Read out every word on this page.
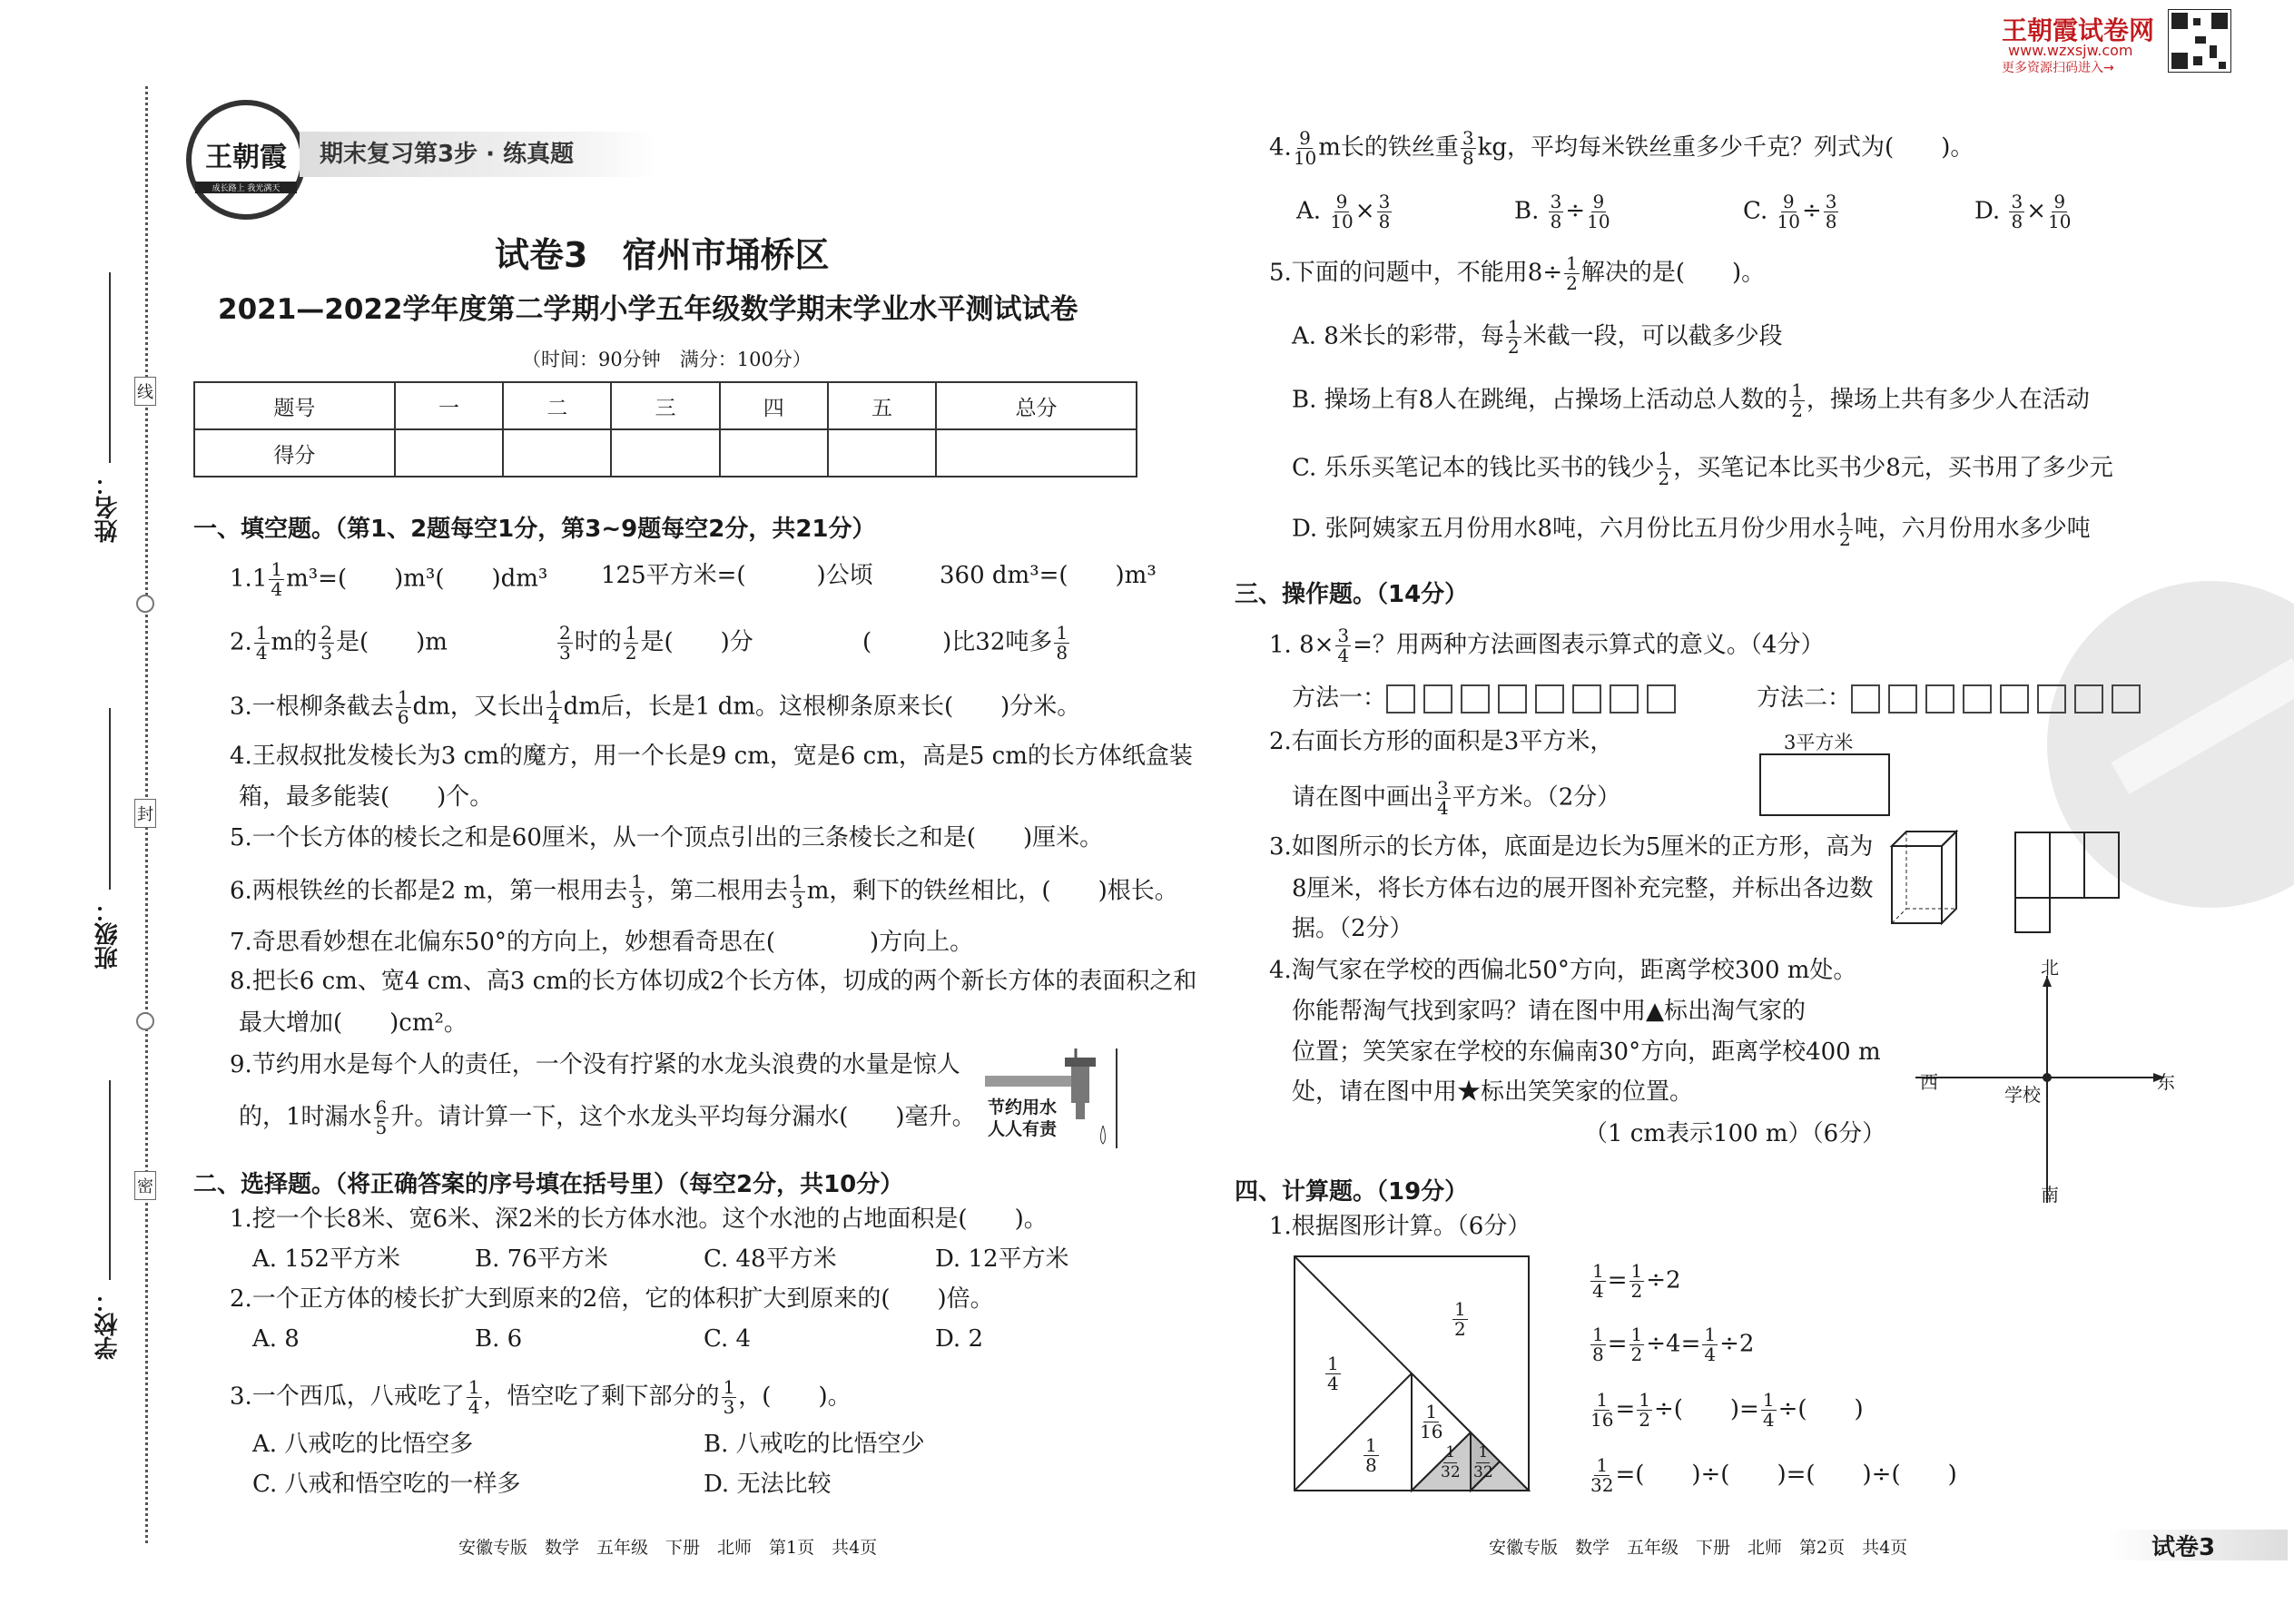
姓名：
班级：
学校：
线
封
密
王朝霞
成长路上 我光满天
期末复习第3步 · 练真题
试卷3　宿州市埇桥区
2021—2022学年度第二学期小学五年级数学期末学业水平测试试卷
（时间：90分钟　满分：100分）
题号	一	二	三	四	五	总分
得分						
一、填空题。（第1、2题每空1分，第3~9题每空2分，共21分）
$1.1 \frac{1}{4} m^3=$(　　)m³(　　)dm³ 125平方米=(　　　)公顷	360 dm³=(　　)m³
2. $\frac{1}{4}$ m的 $\frac{2}{3}$ 是(　　)m	$\frac{2}{3}$ 时的 $\frac{1}{2}$ 是(　　)分	(　　　)比32吨多 $\frac{1}{8}$
3.一根柳条截去 $\frac{1}{6}$ dm，又长出 $\frac{1}{4}$ dm后，长是1 dm。这根柳条原来长(　　)分米。
4.王叔叔批发棱长为3 cm的魔方，用一个长是9 cm，宽是6 cm，高是5 cm的长方体纸盒装
箱，最多能装(　　)个。
5.一个长方体的棱长之和是60厘米，从一个顶点引出的三条棱长之和是(　　)厘米。
6.两根铁丝的长都是2 m，第一根用去 $\frac{1}{3}$ ，第二根用去 $\frac{1}{3}$ m，剩下的铁丝相比，(　　)根长。
7.奇思看妙想在北偏东50°的方向上，妙想看奇思在(　　　　)方向上。
8.把长6 cm、宽4 cm、高3 cm的长方体切成2个长方体，切成的两个新长方体的表面积之和
最大增加(　　)cm²。
9.节约用水是每个人的责任，一个没有拧紧的水龙头浪费的水量是惊人
的，1时漏水 $\frac{6}{5}$ 升。请计算一下，这个水龙头平均每分漏水(　　)毫升。 节约用水
人人有责
二、选择题。（将正确答案的序号填在括号里）（每空2分，共10分）
1.挖一个长8米、宽6米、深2米的长方体水池。这个水池的占地面积是(　　)。
A. 152平方米	B. 76平方米	C. 48平方米	D. 12平方米
2.一个正方体的棱长扩大到原来的2倍，它的体积扩大到原来的(　　)倍。
A. 8	B. 6	C. 4	D. 2
3.一个西瓜，八戒吃了 $\frac{1}{4}$ ，悟空吃了剩下部分的 $\frac{1}{3}$ ，(　　)。
A. 八戒吃的比悟空多	B. 八戒吃的比悟空少
C. 八戒和悟空吃的一样多	D. 无法比较
安徽专版　数学　五年级　下册　北师　第1页　共4页
王朝霞试卷网
www.wzxsjw.com
更多资源扫码进入→
4. $\frac{9}{10}$ m长的铁丝重 $\frac{3}{8}$ kg，平均每米铁丝重多少千克？列式为(　　)。
A. $\frac{9}{10} \times \frac{3}{8}$	B. $\frac{3}{8} \div \frac{9}{10}$	C. $\frac{9}{10} \div \frac{3}{8}$	D. $\frac{3}{8} \times \frac{9}{10}$
5.下面的问题中，不能用$8\div \frac{1}{2}$ 解决的是(　　)。
A. 8米长的彩带，每 $\frac{1}{2}$ 米截一段，可以截多少段
B. 操场上有8人在跳绳，占操场上活动总人数的 $\frac{1}{2}$ ，操场上共有多少人在活动
C. 乐乐买笔记本的钱比买书的钱少 $\frac{1}{2}$ ，买笔记本比买书少8元，买书用了多少元
D. 张阿姨家五月份用水8吨，六月份比五月份少用水 $\frac{1}{2}$ 吨，六月份用水多少吨
三、操作题。（14分）
1. $8\times \frac{3}{4}$ =？用两种方法画图表示算式的意义。（4分）
方法一：	方法二：
2.右面长方形的面积是3平方米，
请在图中画出 $\frac{3}{4}$ 平方米。（2分）
3平方米
3.如图所示的长方体，底面是边长为5厘米的正方形，高为
8厘米，将长方体右边的展开图补充完整，并标出各边数
据。（2分）
4.淘气家在学校的西偏北50°方向，距离学校300 m处。
你能帮淘气找到家吗？请在图中用▲标出淘气家的
位置；笑笑家在学校的东偏南30°方向，距离学校400 m
处，请在图中用★标出笑笑家的位置。
（1 cm表示100 m）（6分）
北
南
东
西
学校
四、计算题。（19分）
1.根据图形计算。（6分）
$\frac{1}{2}$
$\frac{1}{4}$
$\frac{1}{8}$
$\frac{1}{16}$
$\frac{1}{32} \frac{1}{32}$
$\frac{1}{4} = \frac{1}{2} \div 2$
$\frac{1}{8} = \frac{1}{2} \div 4= \frac{1}{4} \div 2$
$\frac{1}{16} = \frac{1}{2}$ ÷(　　)= $\frac{1}{4}$ ÷(　　)
$\frac{1}{32}$ =(　　)÷(　　)=(　　)÷(　　)
安徽专版　数学　五年级　下册　北师　第2页　共4页	试卷3
